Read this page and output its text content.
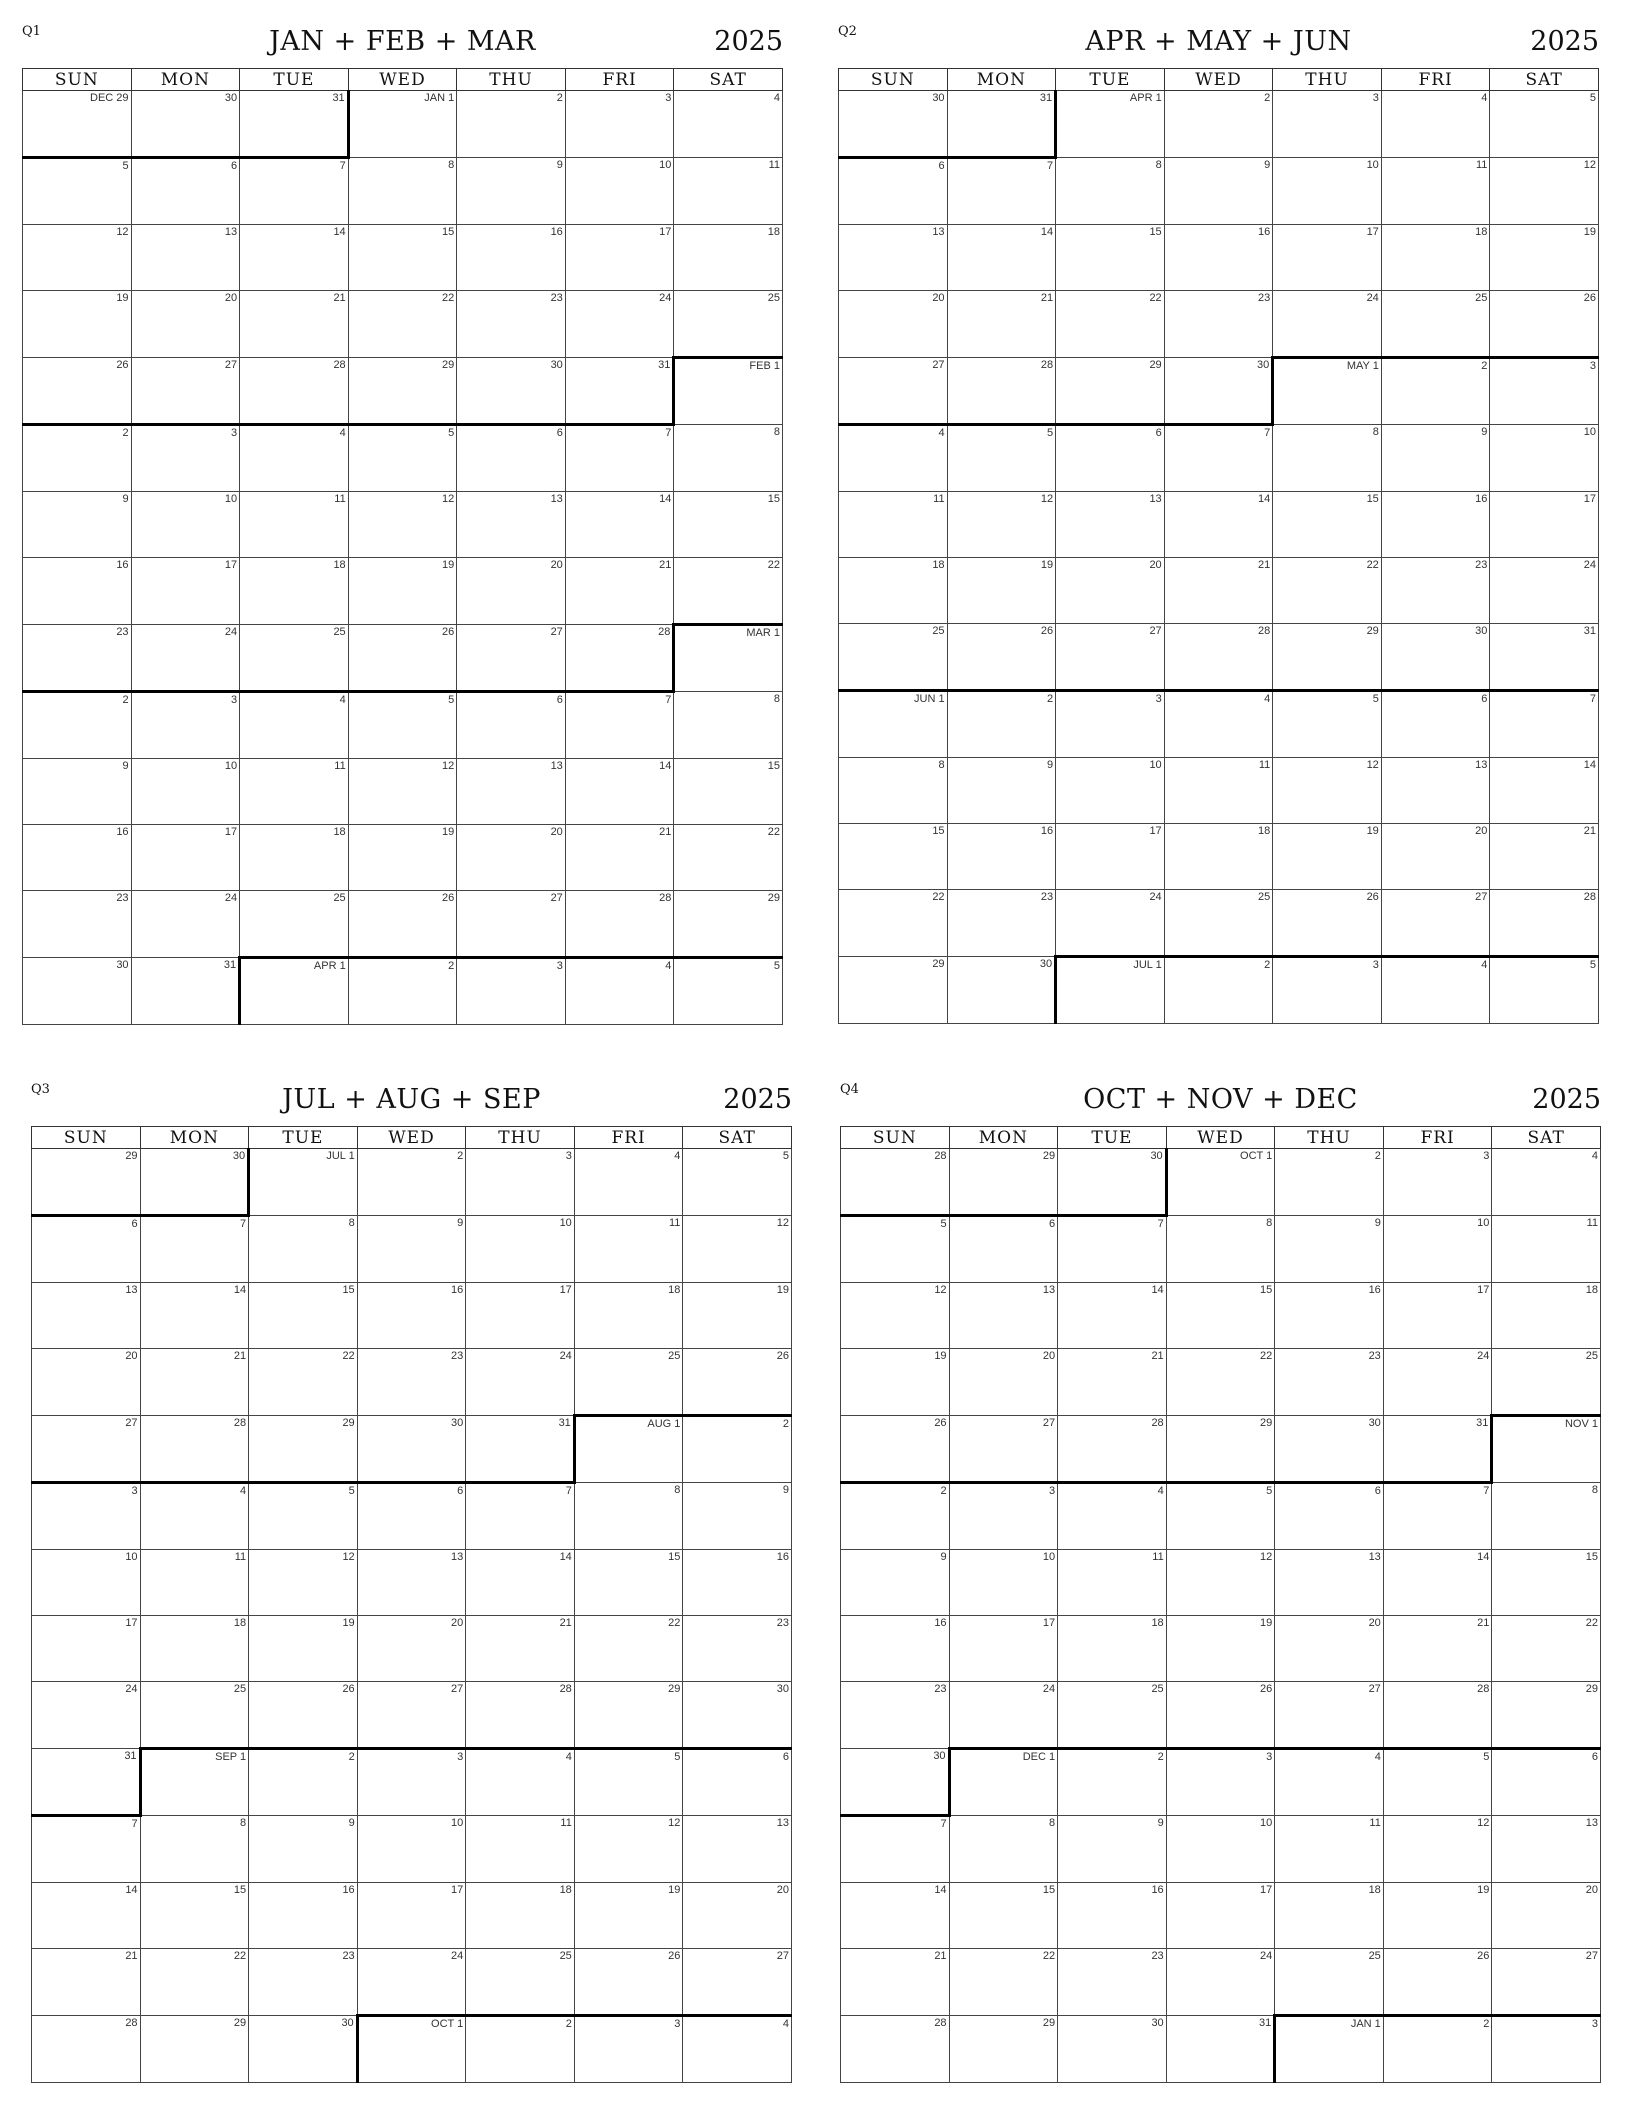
Q1	JAN + FEB + MAR	2025
SUN	MON	TUE	WED	THU	FRI	SAT

DEC 29	30	31	JAN 1	2	3	4

5	6	7	8	9	10	11

12	13	14	15	16	17	18

19	20	21	22	23	24	25

26	27	28	29	30	31	FEB 1

2	3	4	5	6	7	8

9	10	11	12	13	14	15

16	17	18	19	20	21	22

23	24	25	26	27	28	MAR 1

2	3	4	5	6	7	8

9	10	11	12	13	14	15

16	17	18	19	20	21	22

23	24	25	26	27	28	29

30	31	APR 1	2	3	4	5
Q2	APR + MAY + JUN	2025
SUN	MON	TUE	WED	THU	FRI	SAT

30	31	APR 1	2	3	4	5

6	7	8	9	10	11	12

13	14	15	16	17	18	19

20	21	22	23	24	25	26

27	28	29	30	MAY 1	2	3

4	5	6	7	8	9	10

11	12	13	14	15	16	17

18	19	20	21	22	23	24

25	26	27	28	29	30	31

JUN 1	2	3	4	5	6	7

8	9	10	11	12	13	14

15	16	17	18	19	20	21

22	23	24	25	26	27	28

29	30	JUL 1	2	3	4	5
Q3	JUL + AUG + SEP	2025
SUN	MON	TUE	WED	THU	FRI	SAT

29	30	JUL 1	2	3	4	5

6	7	8	9	10	11	12

13	14	15	16	17	18	19

20	21	22	23	24	25	26

27	28	29	30	31	AUG 1	2

3	4	5	6	7	8	9

10	11	12	13	14	15	16

17	18	19	20	21	22	23

24	25	26	27	28	29	30

31	SEP 1	2	3	4	5	6

7	8	9	10	11	12	13

14	15	16	17	18	19	20

21	22	23	24	25	26	27

28	29	30	OCT 1	2	3	4
Q4	OCT + NOV + DEC	2025
SUN	MON	TUE	WED	THU	FRI	SAT

28	29	30	OCT 1	2	3	4

5	6	7	8	9	10	11

12	13	14	15	16	17	18

19	20	21	22	23	24	25

26	27	28	29	30	31	NOV 1

2	3	4	5	6	7	8

9	10	11	12	13	14	15

16	17	18	19	20	21	22

23	24	25	26	27	28	29

30	DEC 1	2	3	4	5	6

7	8	9	10	11	12	13

14	15	16	17	18	19	20

21	22	23	24	25	26	27

28	29	30	31	JAN 1	2	3
